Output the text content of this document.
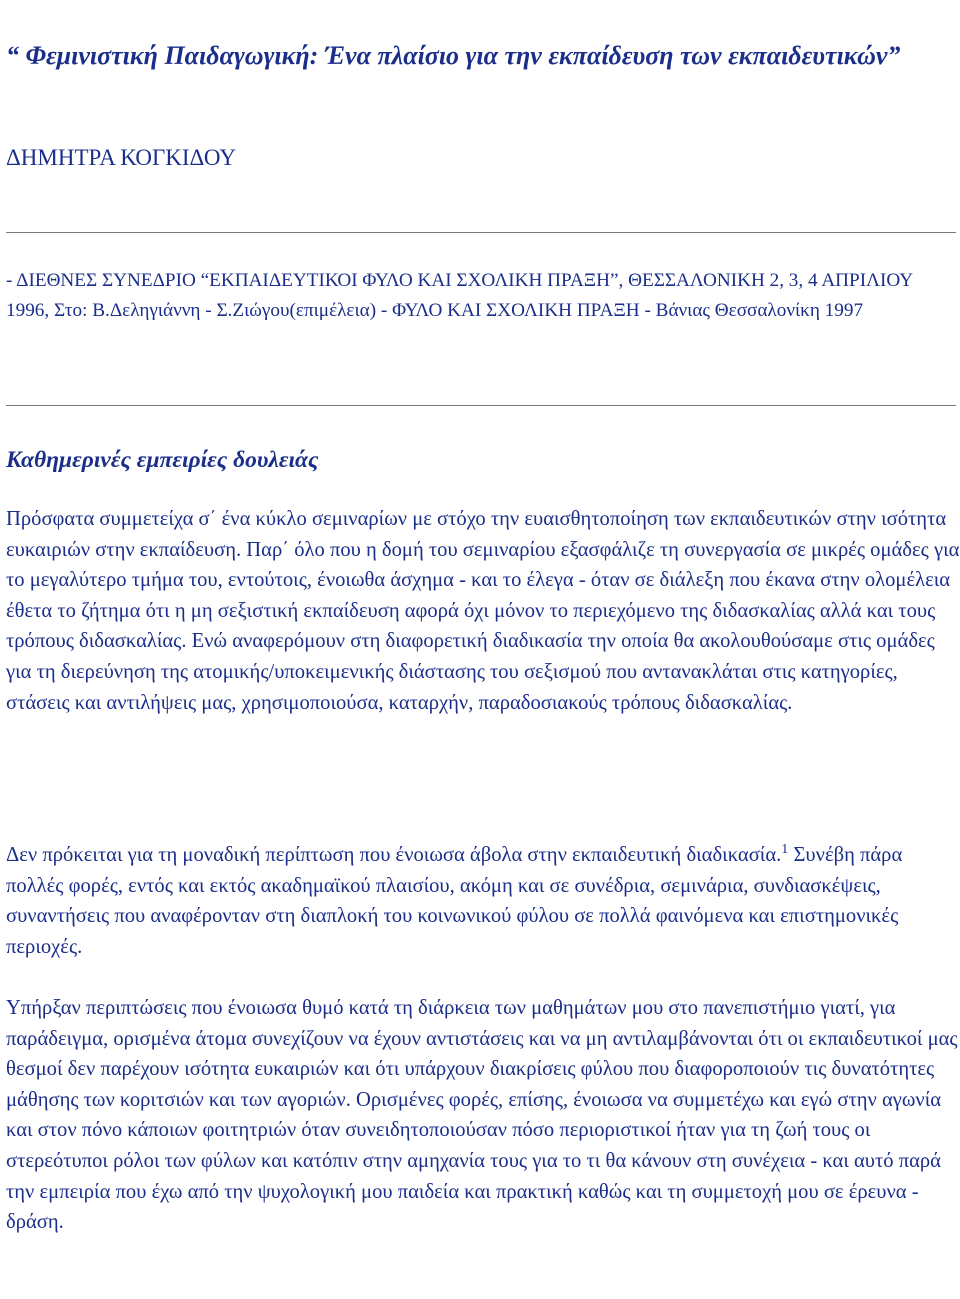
“ Φεμινιστική Παιδαγωγική: Ένα πλαίσιο για την εκπαίδευση των εκπαιδευτικών”
ΔΗΜΗΤΡΑ ΚΟΓΚΙΔΟΥ
- ΔΙΕΘΝΕΣ ΣΥΝΕΔΡΙΟ “ΕΚΠΑΙΔΕΥΤΙΚΟΙ ΦΥΛΟ ΚΑΙ ΣΧΟΛΙΚΗ ΠΡΑΞΗ”, ΘΕΣΣΑΛΟΝΙΚΗ 2, 3, 4 ΑΠΡΙΛΙΟΥ 1996, Στο: Β.Δεληγιάννη - Σ.Ζιώγου(επιμέλεια) - ΦΥΛΟ ΚΑΙ ΣΧΟΛΙΚΗ ΠΡΑΞΗ - Βάνιας Θεσσαλονίκη 1997
Καθημερινές εμπειρίες δουλειάς

Πρόσφατα συμμετείχα σ΄ ένα κύκλο σεμιναρίων με στόχο την ευαισθητοποίηση των εκπαιδευτικών στην ισότητα ευκαιριών στην εκπαίδευση. Παρ΄ όλο που η δομή του σεμιναρίου εξασφάλιζε τη συνεργασία σε μικρές ομάδες για το μεγαλύτερο τμήμα του, εντούτοις, ένοιωθα άσχημα - και το έλεγα - όταν σε διάλεξη που έκανα στην ολομέλεια έθετα το ζήτημα ότι η μη σεξιστική εκπαίδευση αφορά όχι μόνον το περιεχόμενο της διδασκαλίας αλλά και τους τρόπους διδασκαλίας. Ενώ αναφερόμουν στη διαφορετική διαδικασία την οποία θα ακολουθούσαμε στις ομάδες για τη διερεύνηση της ατομικής/υποκειμενικής διάστασης του σεξισμού που αντανακλάται στις κατηγορίες, στάσεις και αντιλήψεις μας, χρησιμοποιούσα, καταρχήν, παραδοσιακούς τρόπους διδασκαλίας.

Δεν πρόκειται για τη μοναδική περίπτωση που ένοιωσα άβολα στην εκπαιδευτική διαδικασία.$^1$ Συνέβη πάρα πολλές φορές, εντός και εκτός ακαδημαϊκού πλαισίου, ακόμη και σε συνέδρια, σεμινάρια, συνδιασκέψεις, συναντήσεις που αναφέρονταν στη διαπλοκή του κοινωνικού φύλου σε πολλά φαινόμενα και επιστημονικές περιοχές.

Υπήρξαν περιπτώσεις που ένοιωσα θυμό κατά τη διάρκεια των μαθημάτων μου στο πανεπιστήμιο γιατί, για παράδειγμα, ορισμένα άτομα συνεχίζουν να έχουν αντιστάσεις και να μη αντιλαμβάνονται ότι οι εκπαιδευτικοί μας θεσμοί δεν παρέχουν ισότητα ευκαιριών και ότι υπάρχουν διακρίσεις φύλου που διαφοροποιούν τις δυνατότητες μάθησης των κοριτσιών και των αγοριών. Ορισμένες φορές, επίσης, ένοιωσα να συμμετέχω και εγώ στην αγωνία και στον πόνο κάποιων φοιτητριών όταν συνειδητοποιούσαν πόσο περιοριστικοί ήταν για τη ζωή τους οι στερεότυποι ρόλοι των φύλων και κατόπιν στην αμηχανία τους για το τι θα κάνουν στη συνέχεια - και αυτό παρά την εμπειρία που έχω από την ψυχολογική μου παιδεία και πρακτική καθώς και τη συμμετοχή μου σε έρευνα - δράση.
